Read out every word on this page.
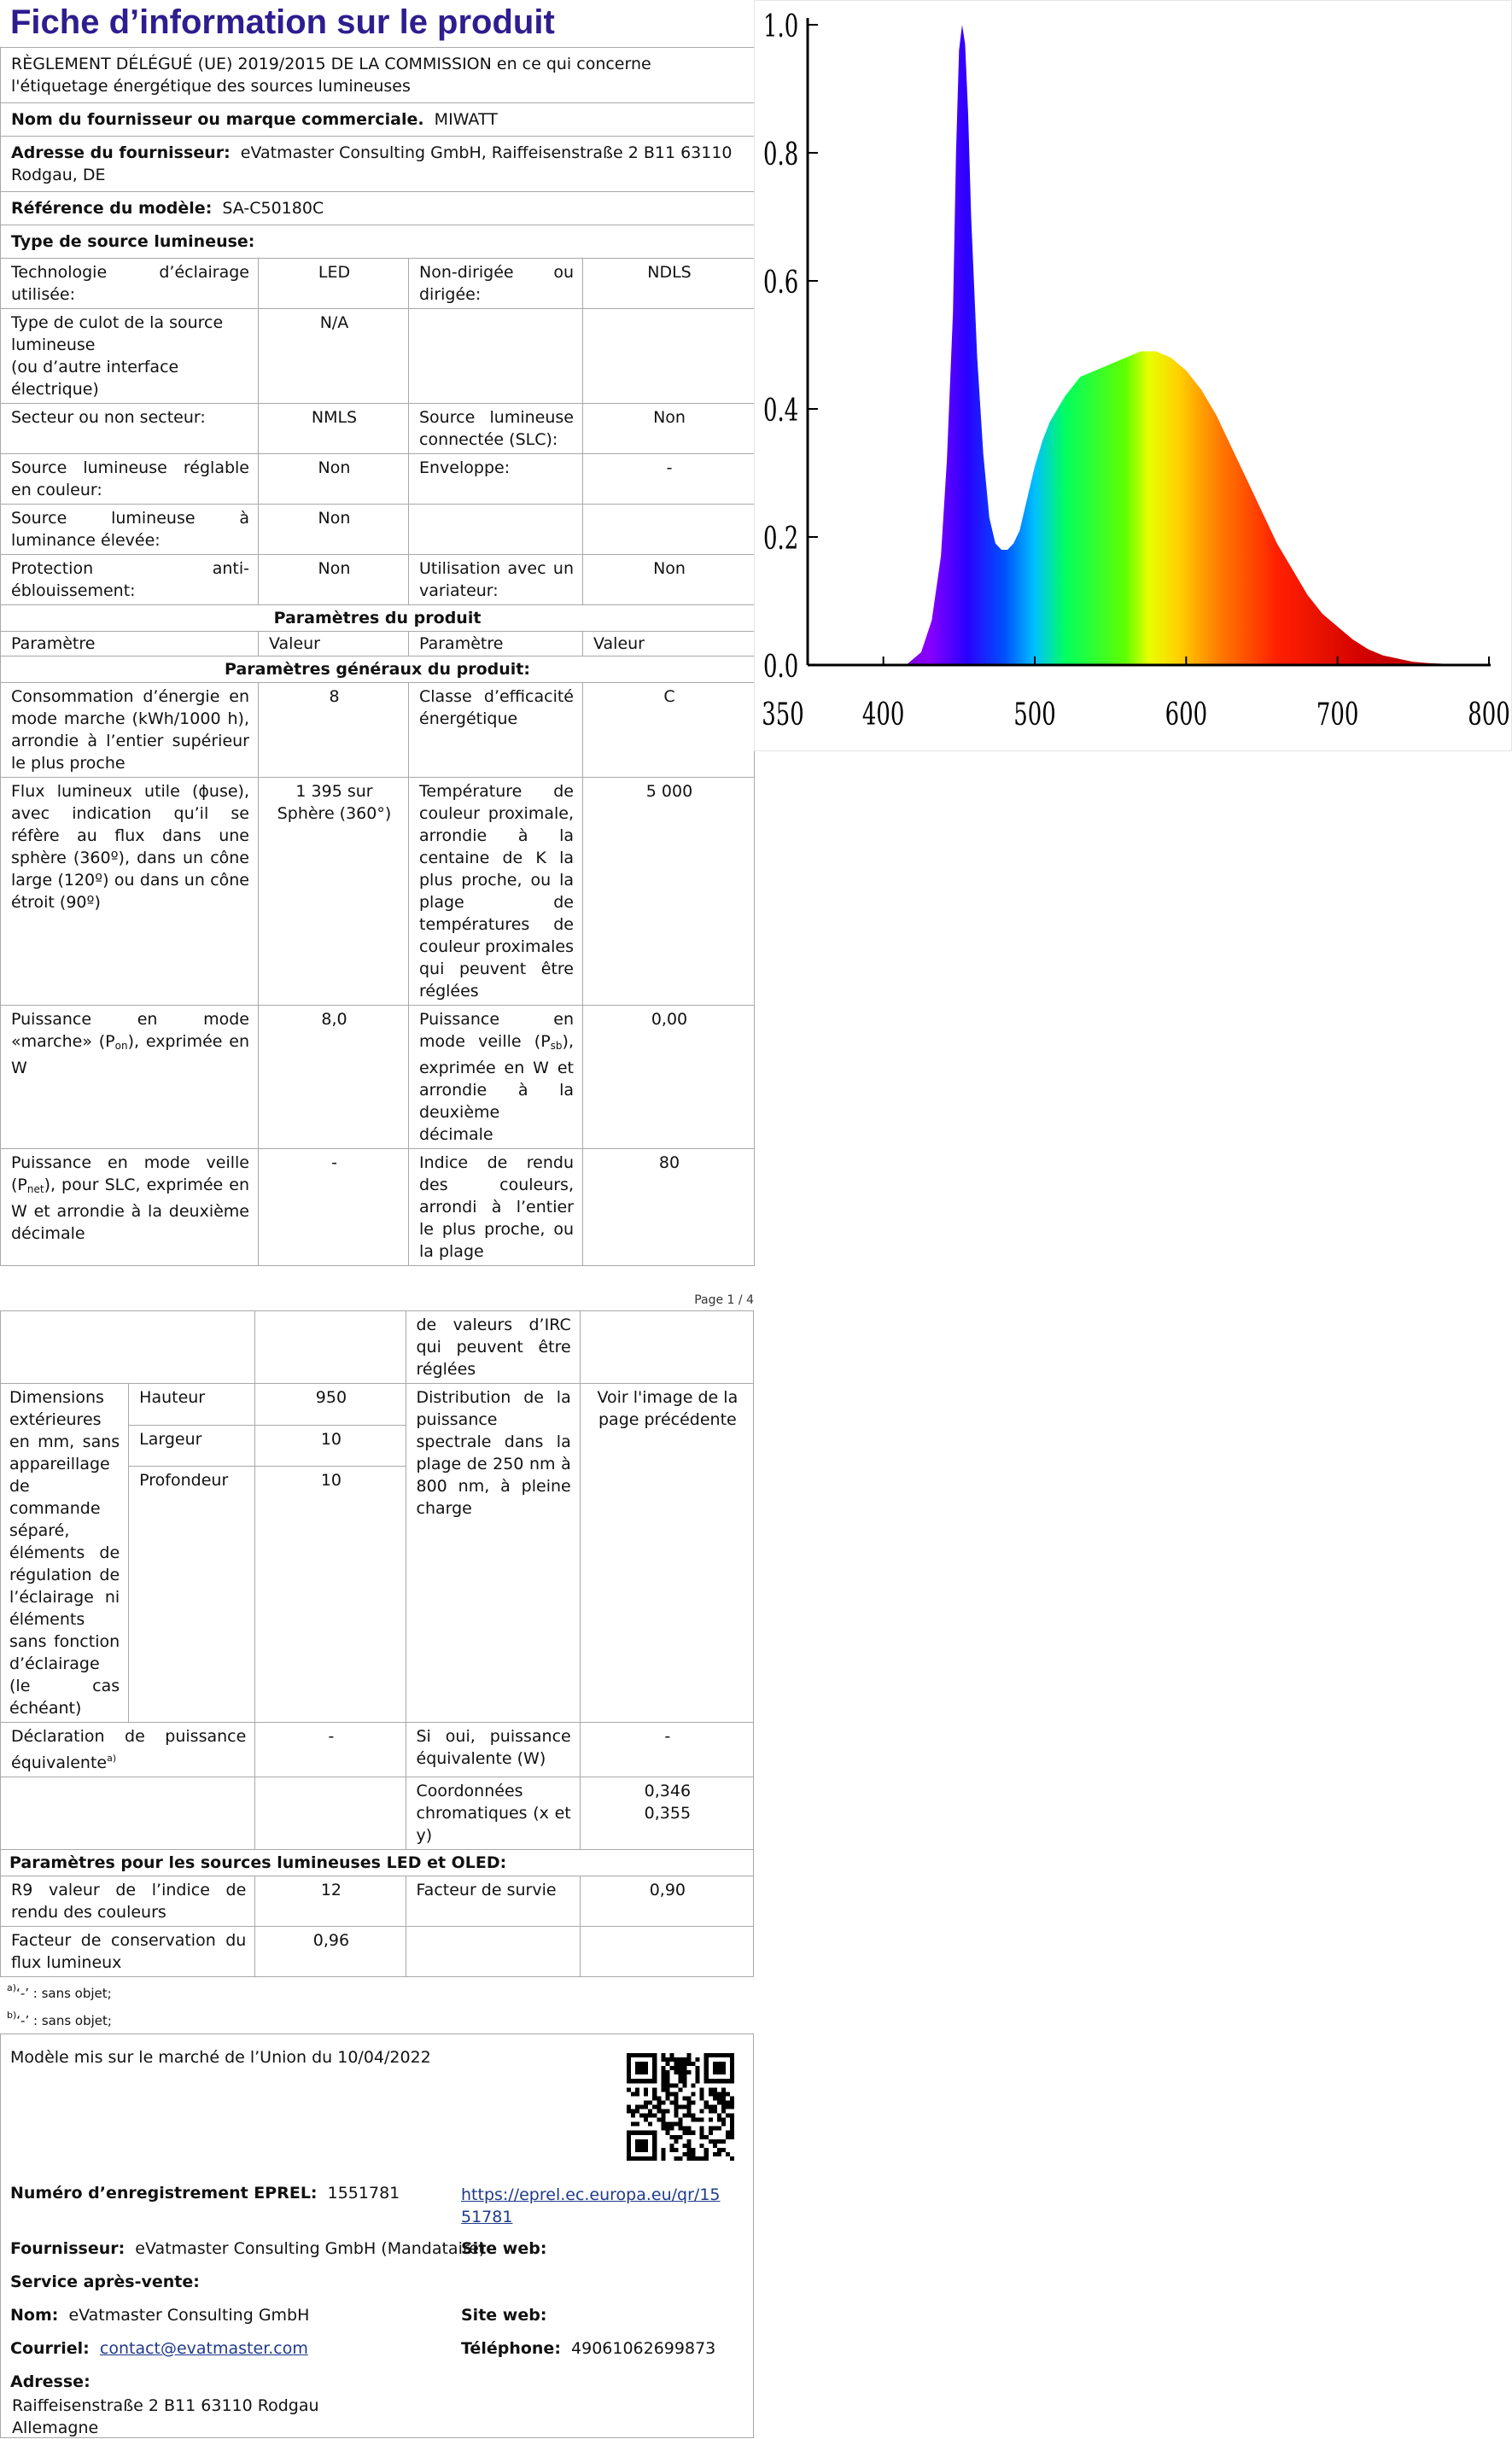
Fiche d’information sur le produit
RÈGLEMENT DÉLÉGUÉ (UE) 2019/2015 DE LA COMMISSION en ce qui concerne l'étiquetage énergétique des sources lumineuses			
Nom du fournisseur ou marque commerciale. MIWATT			
Adresse du fournisseur: eVatmaster Consulting GmbH, Raiffeisenstraße 2 B11 63110 Rodgau, DE			
Référence du modèle: SA-C50180C			
Type de source lumineuse:			
Technologie d’éclairage utilisée:	LED	Non-dirigée ou dirigée:	NDLS

Type de culot de la source lumineuse
(ou d’autre interface électrique)	N/A		
Secteur ou non secteur:	NMLS	Source lumineuse connectée (SLC):	Non
Source lumineuse réglable en couleur:	Non	Enveloppe:	-
Source lumineuse à luminance élevée:	Non		
Protection anti-éblouissement:	Non	Utilisation avec un variateur:	Non
Paramètres du produit			
Paramètre	Valeur	Paramètre	Valeur
Paramètres généraux du produit:			
Consommation d’énergie en mode marche (kWh/1000 h), arrondie à l’entier supérieur le plus proche	8	Classe d’efficacité énergétique	C
Flux lumineux utile (ϕuse), avec indication qu’il se réfère au flux dans une sphère (360º), dans un cône large (120º) ou dans un cône étroit (90º)	1 395 sur Sphère (360°)	Température de couleur proximale, arrondie à la centaine de K la plus proche, ou la plage de températures de couleur proximales qui peuvent être réglées	5 000
Puissance en mode «marche» $(P_{on})$, exprimée en W	8,0	Puissance en mode veille $(P_{sb})$, exprimée en W et arrondie à la deuxième décimale	0,00
Puissance en mode veille $(P_{net})$, pour SLC, exprimée en W et arrondie à la deuxième décimale	-	Indice de rendu des couleurs, arrondi à l’entier le plus proche, ou la plage	80
Page 1 / 4
			de valeurs d’IRC qui peuvent être réglées	
Dimensions extérieures en mm, sans appareillage de commande séparé, éléments de régulation de l’éclairage ni éléments sans fonction d’éclairage (le cas échéant)	Hauteur	950	Distribution de la puissance spectrale dans la plage de 250 nm à 800 nm, à pleine charge	Voir l'image de la page précédente
	Largeur	10		
	Profondeur	10		
Déclaration de puissance équivalente$^{a)}$		-	Si oui, puissance équivalente (W)	-
			Coordonnées chromatiques (x et y)	0,346
0,355

Paramètres pour les sources lumineuses LED et OLED:				
R9 valeur de l’indice de rendu des couleurs		12	Facteur de survie	0,90
Facteur de conservation du flux lumineux		0,96		
$^{a)}$‘-’ : sans objet;
$^{b)}$‘-’ : sans objet;
Modèle mis sur le marché de l’Union du 10/04/2022
Numéro d’enregistrement EPREL: 1551781	https://eprel.ec.europa.eu/qr/15
51781
Fournisseur: eVatmaster Consulting GmbH (Mandataire)
Site web:
Service après-vente:
Nom: eVatmaster Consulting GmbH	Site web:
Courriel: contact@evatmaster.com	Téléphone: 49061062699873
Adresse:
Raiffeisenstraße 2 B11 63110 Rodgau
Allemagne
0.0
0.2
0.4
0.6
0.8
1.0
350 400	500	600	700	800
